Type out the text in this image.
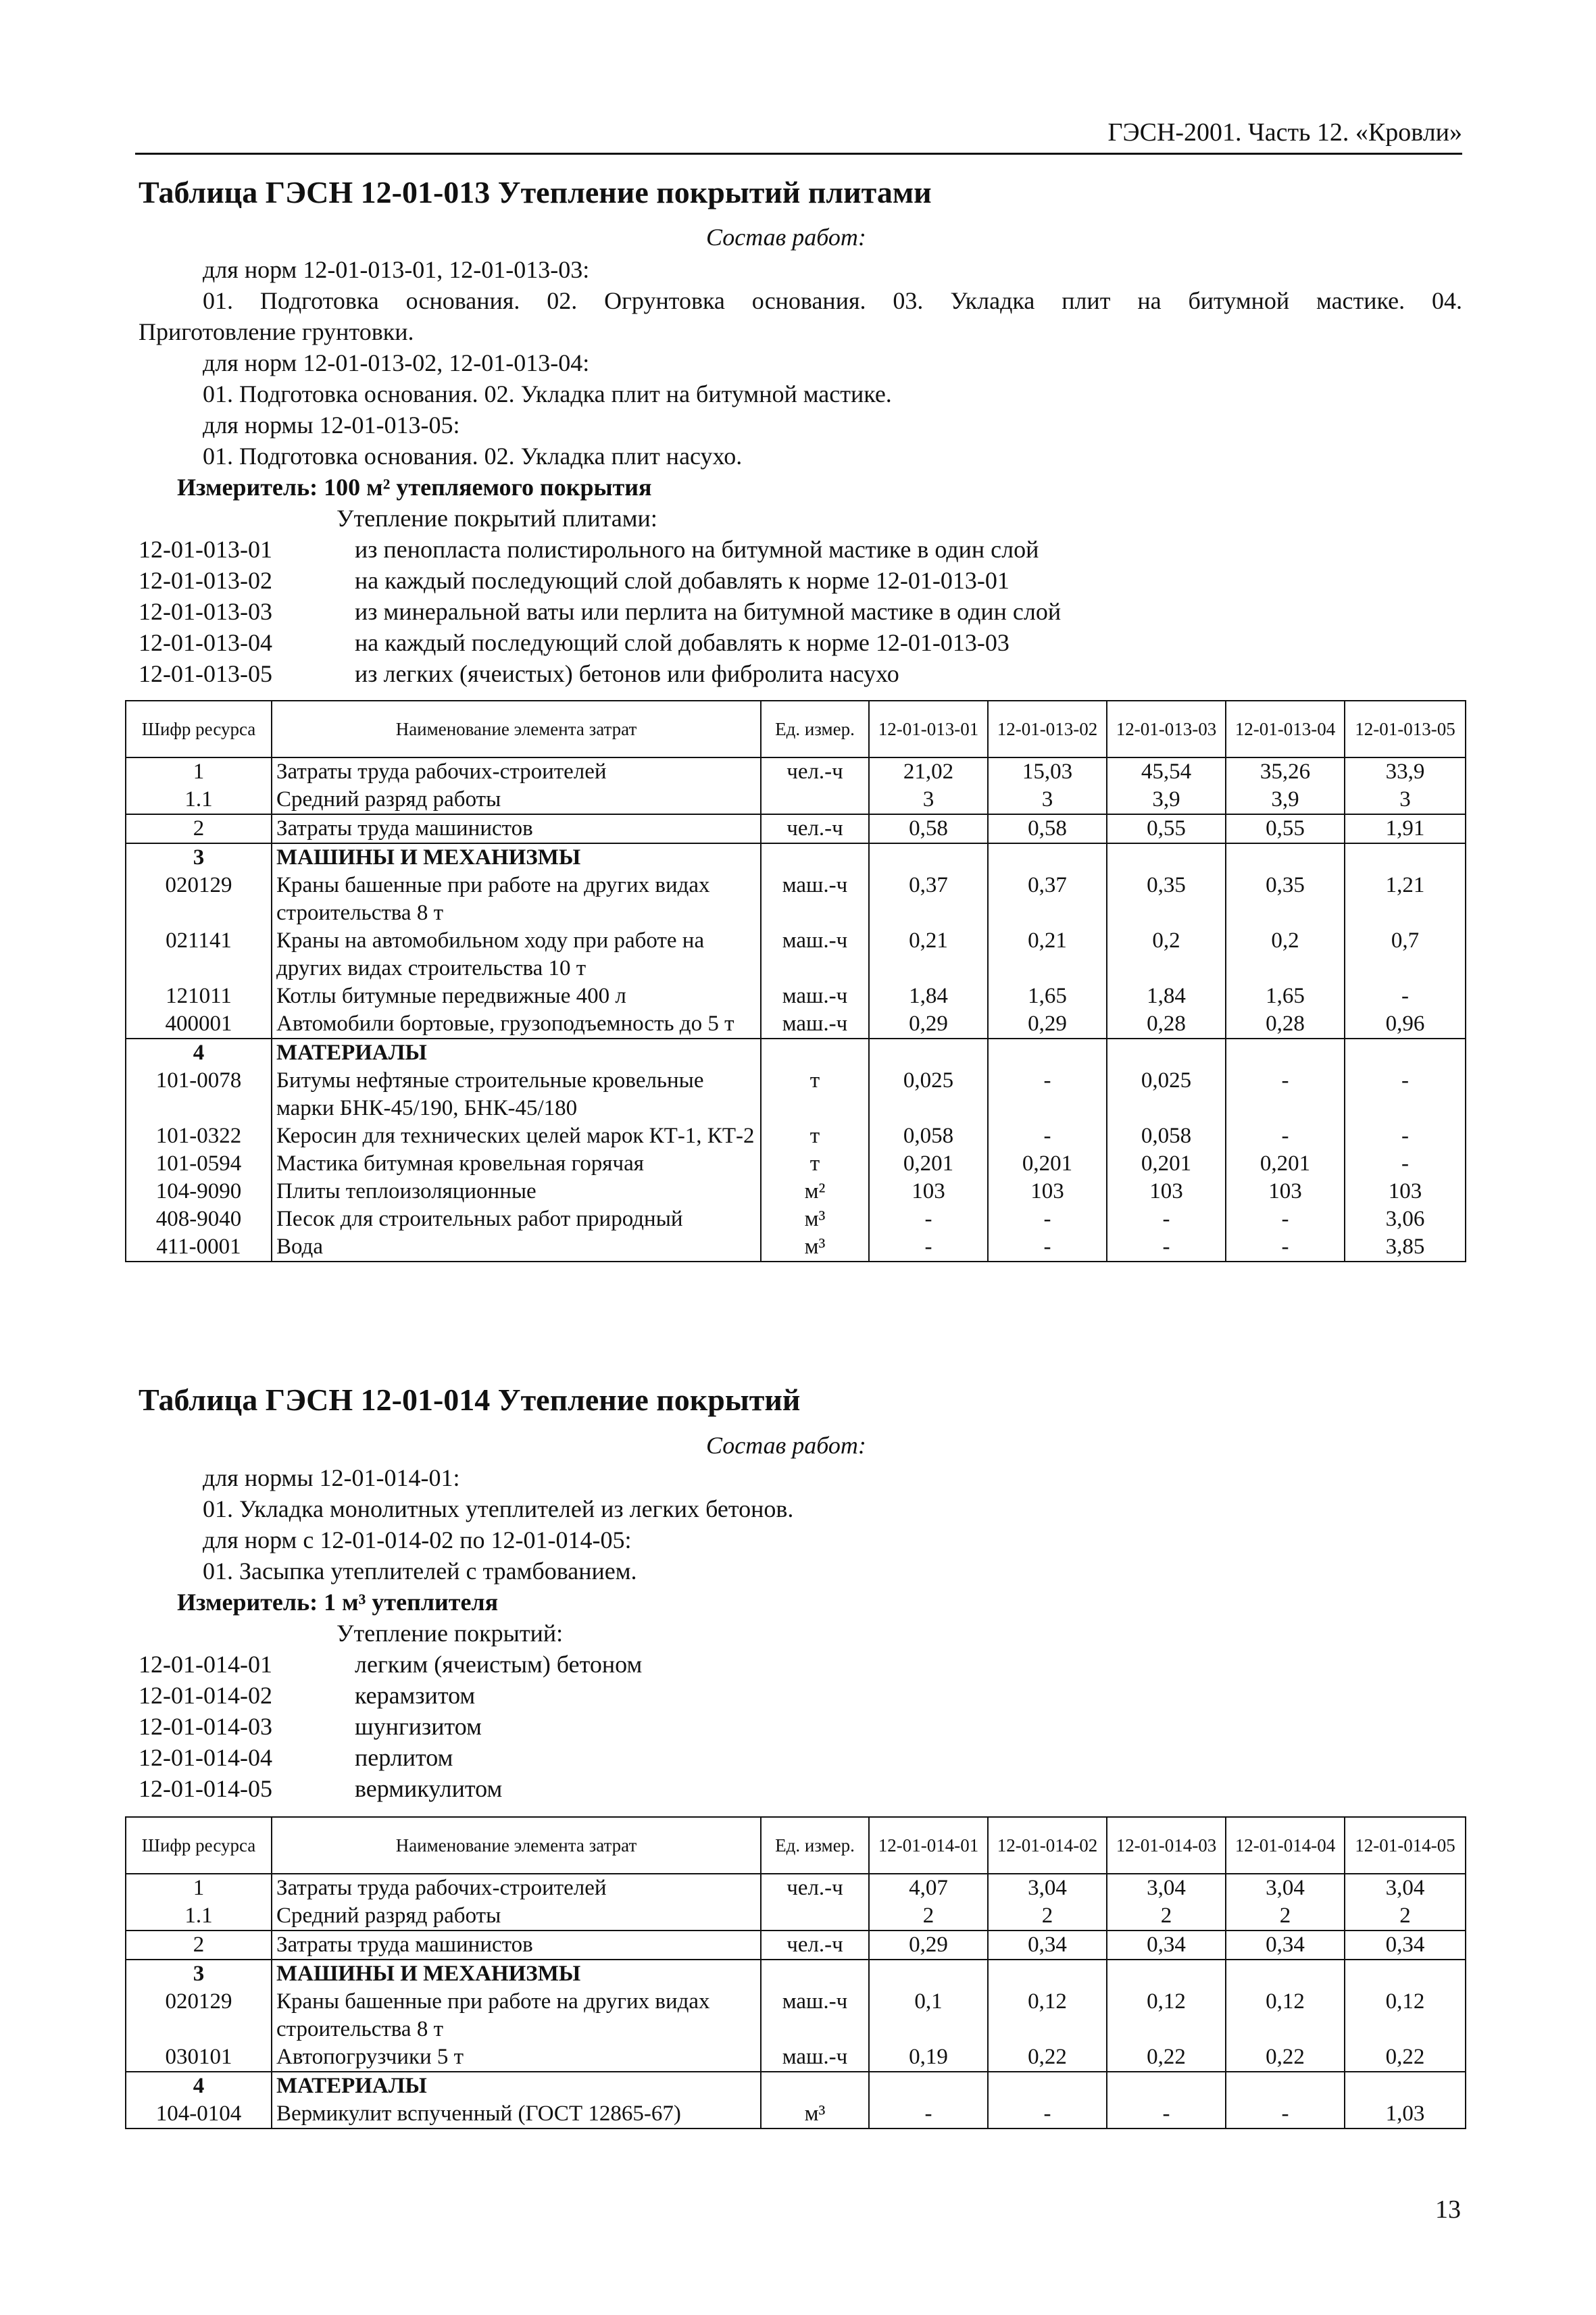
ГЭСН-2001. Часть 12. «Кровли»
Таблица ГЭСН 12-01-013 Утепление покрытий плитами
Состав работ:
для норм 12-01-013-01, 12-01-013-03:
01. Подготовка основания. 02. Огрунтовка основания. 03. Укладка плит на битумной мастике. 04.
Приготовление грунтовки.
для норм 12-01-013-02, 12-01-013-04:
01. Подготовка основания. 02. Укладка плит на битумной мастике.
для нормы 12-01-013-05:
01. Подготовка основания. 02. Укладка плит насухо.
Измеритель: 100 м² утепляемого покрытия
Утепление покрытий плитами:
12-01-013-01	из пенопласта полистирольного на битумной мастике в один слой
12-01-013-02	на каждый последующий слой добавлять к норме 12-01-013-01
12-01-013-03	из минеральной ваты или перлита на битумной мастике в один слой
12-01-013-04	на каждый последующий слой добавлять к норме 12-01-013-03
12-01-013-05	из легких (ячеистых) бетонов или фибролита насухо
Шифр ресурса	Наименование элемента затрат	Ед. измер.	12-01-013-01	12-01-013-02	12-01-013-03	12-01-013-04	12-01-013-05
1	Затраты труда рабочих-строителей	чел.-ч	21,02	15,03	45,54	35,26	33,9
1.1	Средний разряд работы		3	3	3,9	3,9	3
2	Затраты труда машинистов	чел.-ч	0,58	0,58	0,55	0,55	1,91
3	МАШИНЫ И МЕХАНИЗМЫ						
020129	Краны башенные при работе на других видах строительства 8 т	маш.-ч	0,37	0,37	0,35	0,35	1,21
021141	Краны на автомобильном ходу при работе на других видах строительства 10 т	маш.-ч	0,21	0,21	0,2	0,2	0,7
121011	Котлы битумные передвижные 400 л	маш.-ч	1,84	1,65	1,84	1,65	-
400001	Автомобили бортовые, грузоподъемность до 5 т	маш.-ч	0,29	0,29	0,28	0,28	0,96
4	МАТЕРИАЛЫ						
101-0078	Битумы нефтяные строительные кровельные марки БНК-45/190, БНК-45/180	т	0,025	-	0,025	-	-
101-0322	Керосин для технических целей марок КТ-1, КТ-2	т	0,058	-	0,058	-	-
101-0594	Мастика битумная кровельная горячая	т	0,201	0,201	0,201	0,201	-
104-9090	Плиты теплоизоляционные	м²	103	103	103	103	103
408-9040	Песок для строительных работ природный	м³	-	-	-	-	3,06
411-0001	Вода	м³	-	-	-	-	3,85
Таблица ГЭСН 12-01-014 Утепление покрытий
Состав работ:
для нормы 12-01-014-01:
01. Укладка монолитных утеплителей из легких бетонов.
для норм с 12-01-014-02 по 12-01-014-05:
01. Засыпка утеплителей с трамбованием.
Измеритель: 1 м³ утеплителя
Утепление покрытий:
12-01-014-01	легким (ячеистым) бетоном
12-01-014-02	керамзитом
12-01-014-03	шунгизитом
12-01-014-04	перлитом
12-01-014-05	вермикулитом
Шифр ресурса	Наименование элемента затрат	Ед. измер.	12-01-014-01	12-01-014-02	12-01-014-03	12-01-014-04	12-01-014-05
1	Затраты труда рабочих-строителей	чел.-ч	4,07	3,04	3,04	3,04	3,04
1.1	Средний разряд работы		2	2	2	2	2
2	Затраты труда машинистов	чел.-ч	0,29	0,34	0,34	0,34	0,34
3	МАШИНЫ И МЕХАНИЗМЫ						
020129	Краны башенные при работе на других видах строительства 8 т	маш.-ч	0,1	0,12	0,12	0,12	0,12
030101	Автопогрузчики 5 т	маш.-ч	0,19	0,22	0,22	0,22	0,22
4	МАТЕРИАЛЫ						
104-0104	Вермикулит вспученный (ГОСТ 12865-67)	м³	-	-	-	-	1,03
13
